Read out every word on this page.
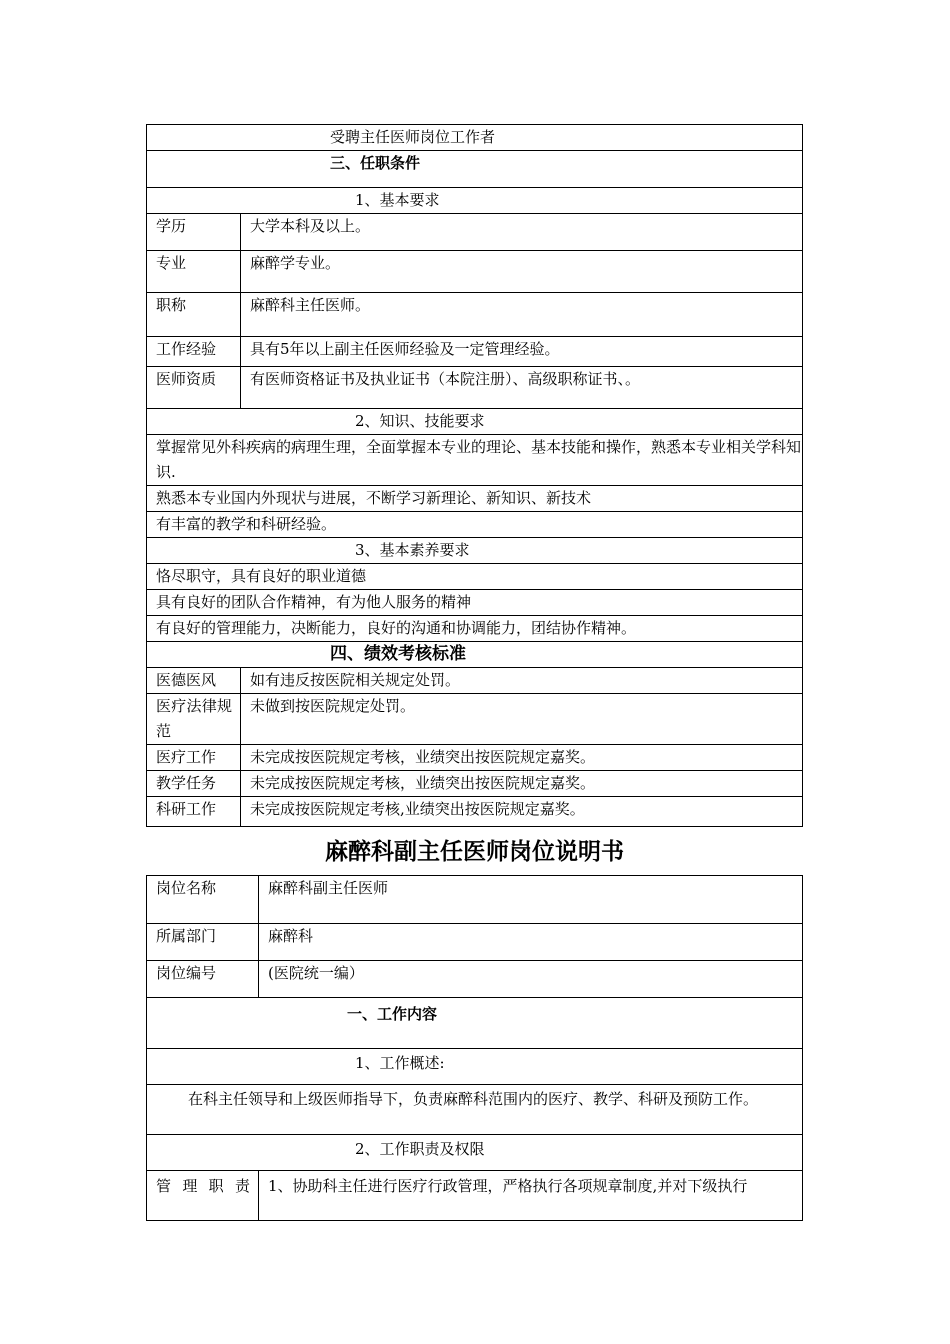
受聘主任医师岗位工作者	
三、任职条件	
1、基本要求	
学历	大学本科及以上。
专业	麻醉学专业。
职称	麻醉科主任医师。
工作经验	具有5年以上副主任医师经验及一定管理经验。
医师资质	有医师资格证书及执业证书（本院注册）、高级职称证书、。
2、知识、技能要求	
掌握常见外科疾病的病理生理，全面掌握本专业的理论、基本技能和操作，熟悉本专业相关学科知识.	
熟悉本专业国内外现状与进展，不断学习新理论、新知识、新技术	
有丰富的教学和科研经验。	
3、基本素养要求	
恪尽职守，具有良好的职业道德	
具有良好的团队合作精神，有为他人服务的精神	
有良好的管理能力，决断能力，良好的沟通和协调能力，团结协作精神。	
四、绩效考核标准	
医德医风	如有违反按医院相关规定处罚。
医疗法律规范	未做到按医院规定处罚。
医疗工作	未完成按医院规定考核，业绩突出按医院规定嘉奖。
教学任务	未完成按医院规定考核，业绩突出按医院规定嘉奖。
科研工作	未完成按医院规定考核,业绩突出按医院规定嘉奖。
麻醉科副主任医师岗位说明书
岗位名称	麻醉科副主任医师
所属部门	麻醉科
岗位编号	(医院统一编）
一、工作内容	
1、工作概述:	
在科主任领导和上级医师指导下，负责麻醉科范围内的医疗、教学、科研及预防工作。	
2、工作职责及权限	
管理职责	1、协助科主任进行医疗行政管理，严格执行各项规章制度,并对下级执行
